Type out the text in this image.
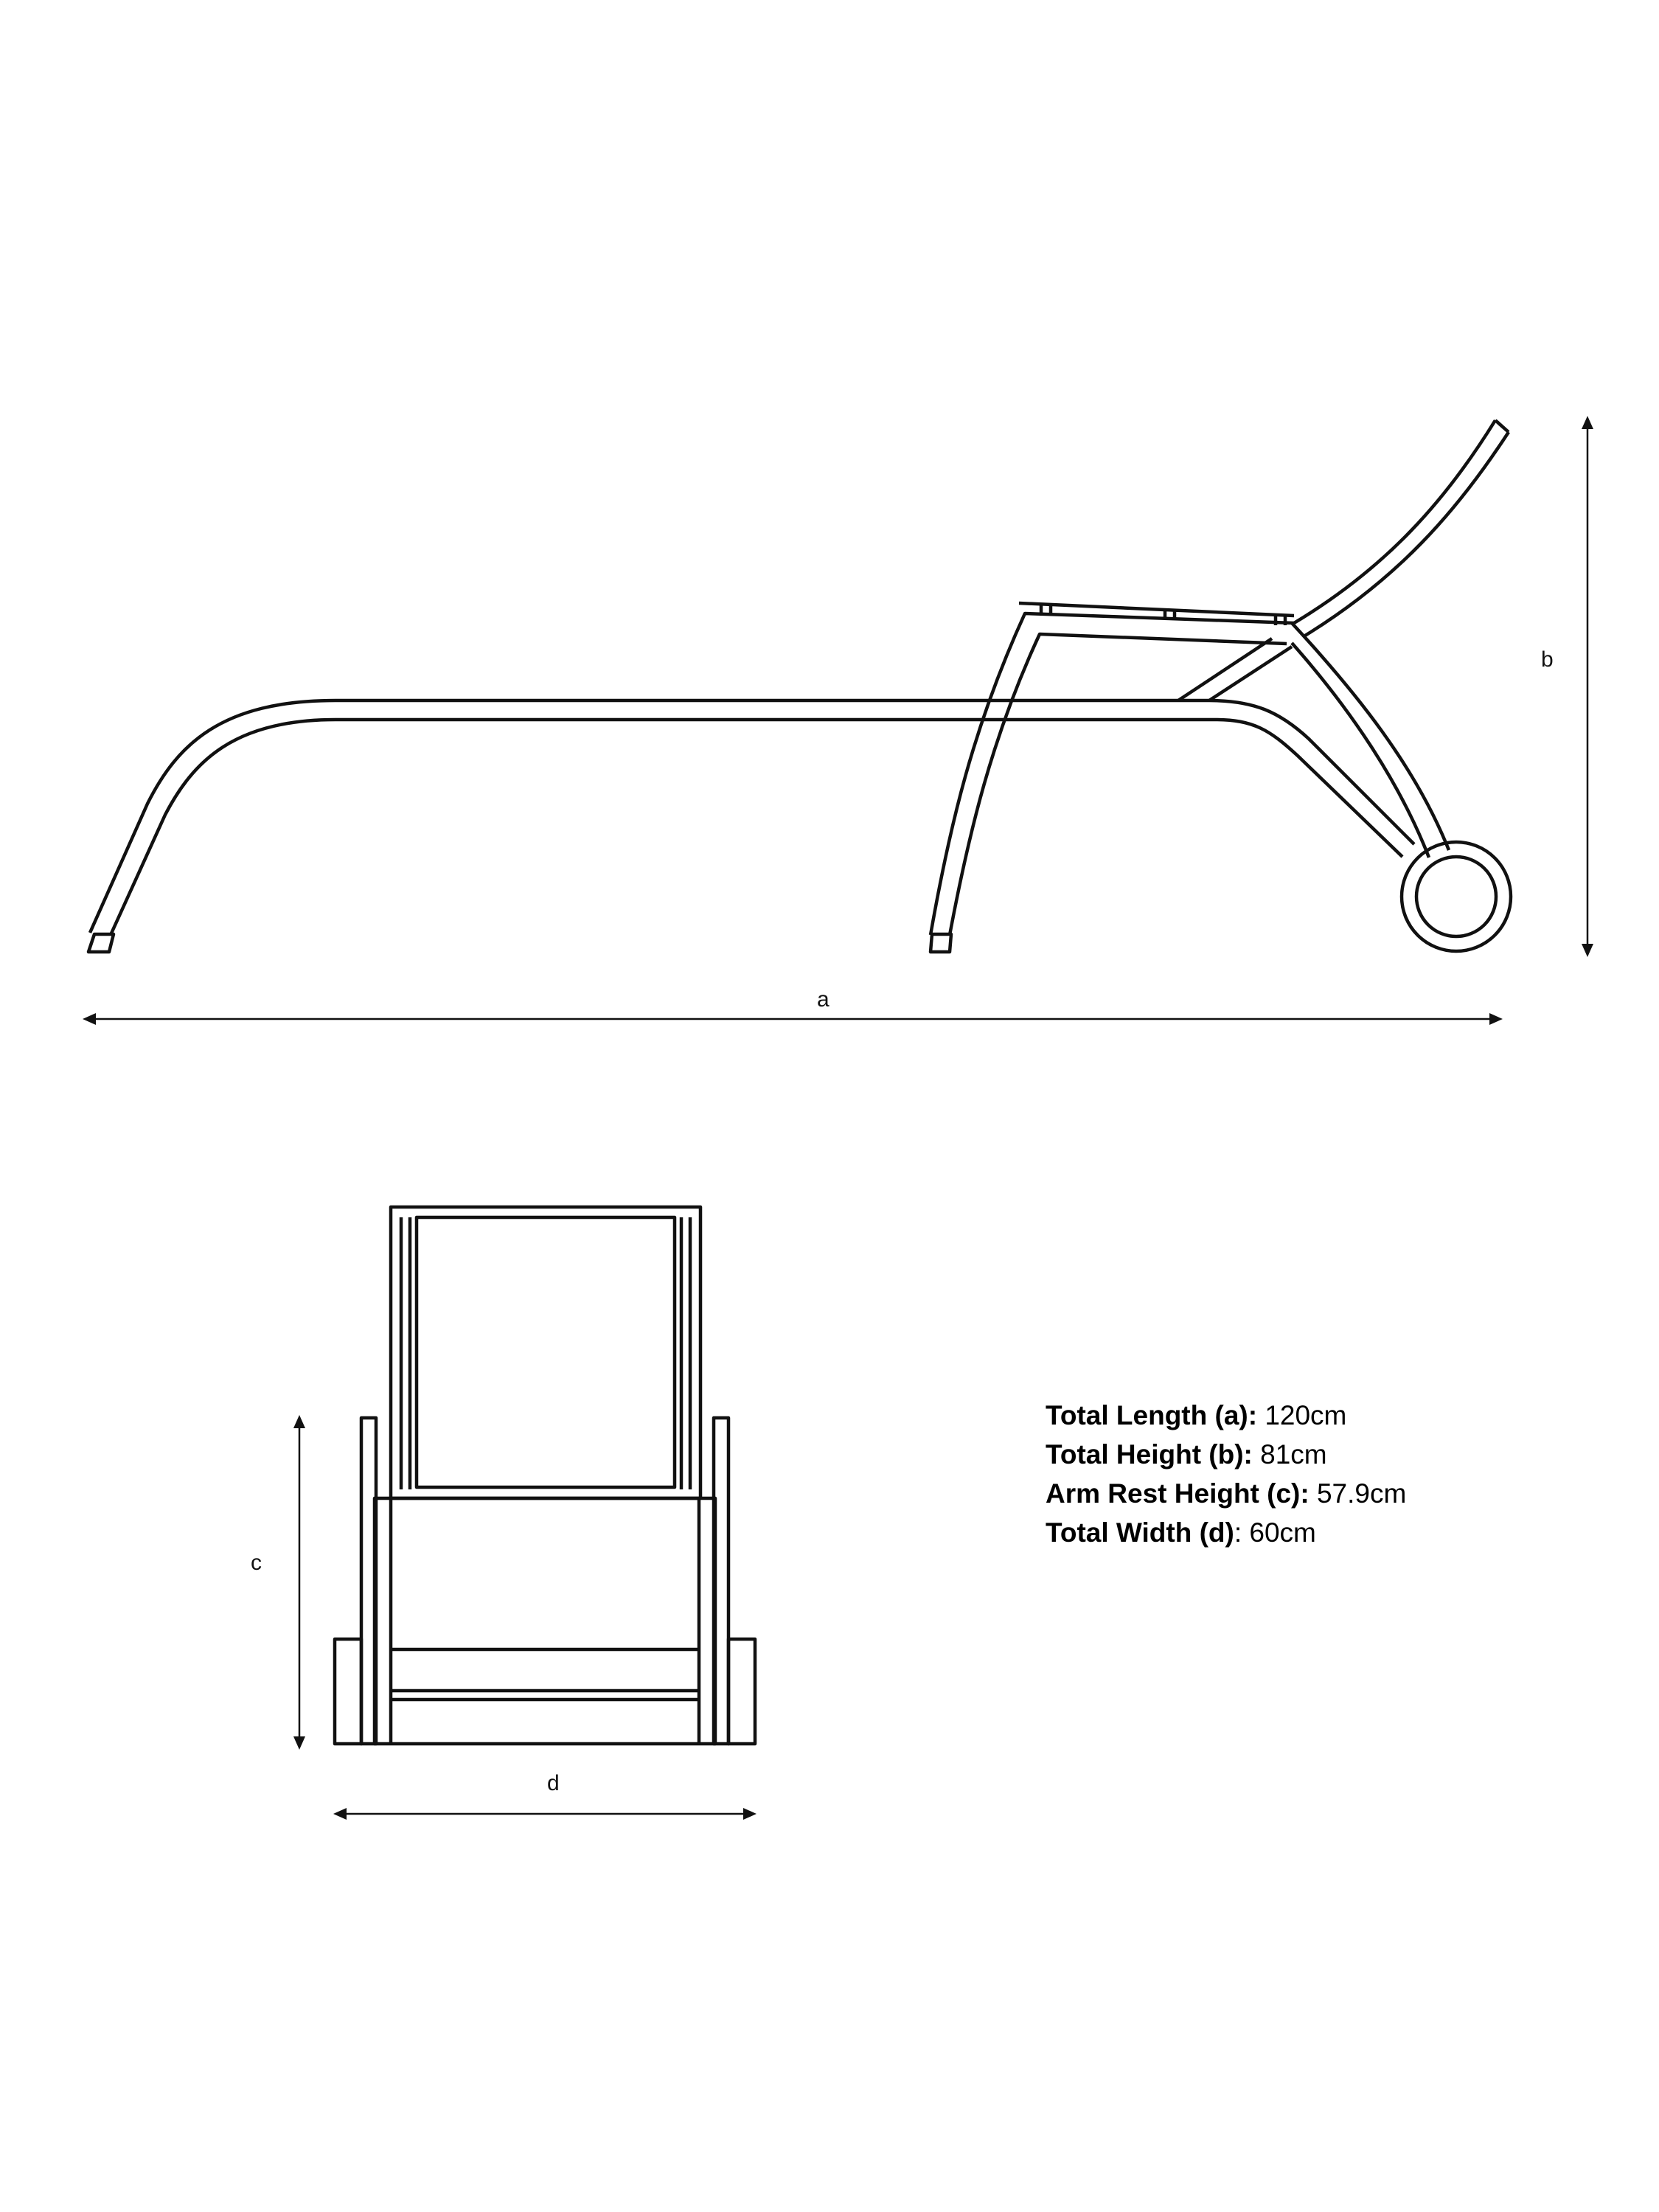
a
b
c
d
Total Length (a): 120cm
Total Height (b): 81cm
Arm Rest Height (c): 57.9cm
Total Width (d): 60cm
